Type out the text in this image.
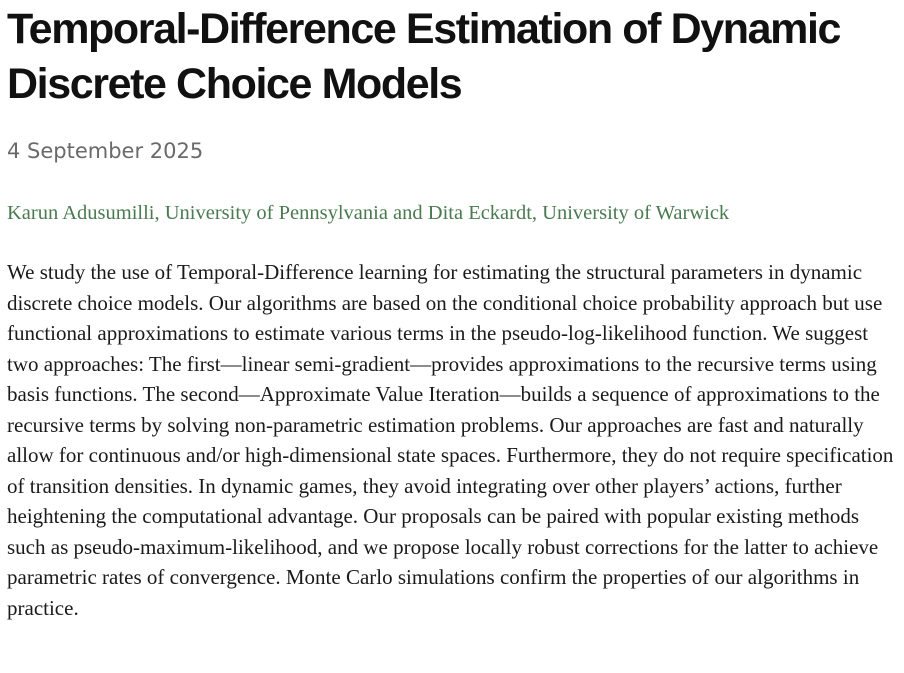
Temporal-Difference Estimation of Dynamic Discrete Choice Models

4 September 2025

Karun Adusumilli, University of Pennsylvania and Dita Eckardt, University of Warwick

We study the use of Temporal-Difference learning for estimating the structural parameters in dynamic discrete choice models. Our algorithms are based on the conditional choice probability approach but use functional approximations to estimate various terms in the pseudo-log-likelihood function. We suggest two approaches: The first—linear semi-gradient—provides approximations to the recursive terms using basis functions. The second—Approximate Value Iteration—builds a sequence of approximations to the recursive terms by solving non-parametric estimation problems. Our approaches are fast and naturally allow for continuous and/or high-dimensional state spaces. Furthermore, they do not require specification of transition densities. In dynamic games, they avoid integrating over other players’ actions, further heightening the computational advantage. Our proposals can be paired with popular existing methods such as pseudo-maximum-likelihood, and we propose locally robust corrections for the latter to achieve parametric rates of convergence. Monte Carlo simulations confirm the properties of our algorithms in practice.
